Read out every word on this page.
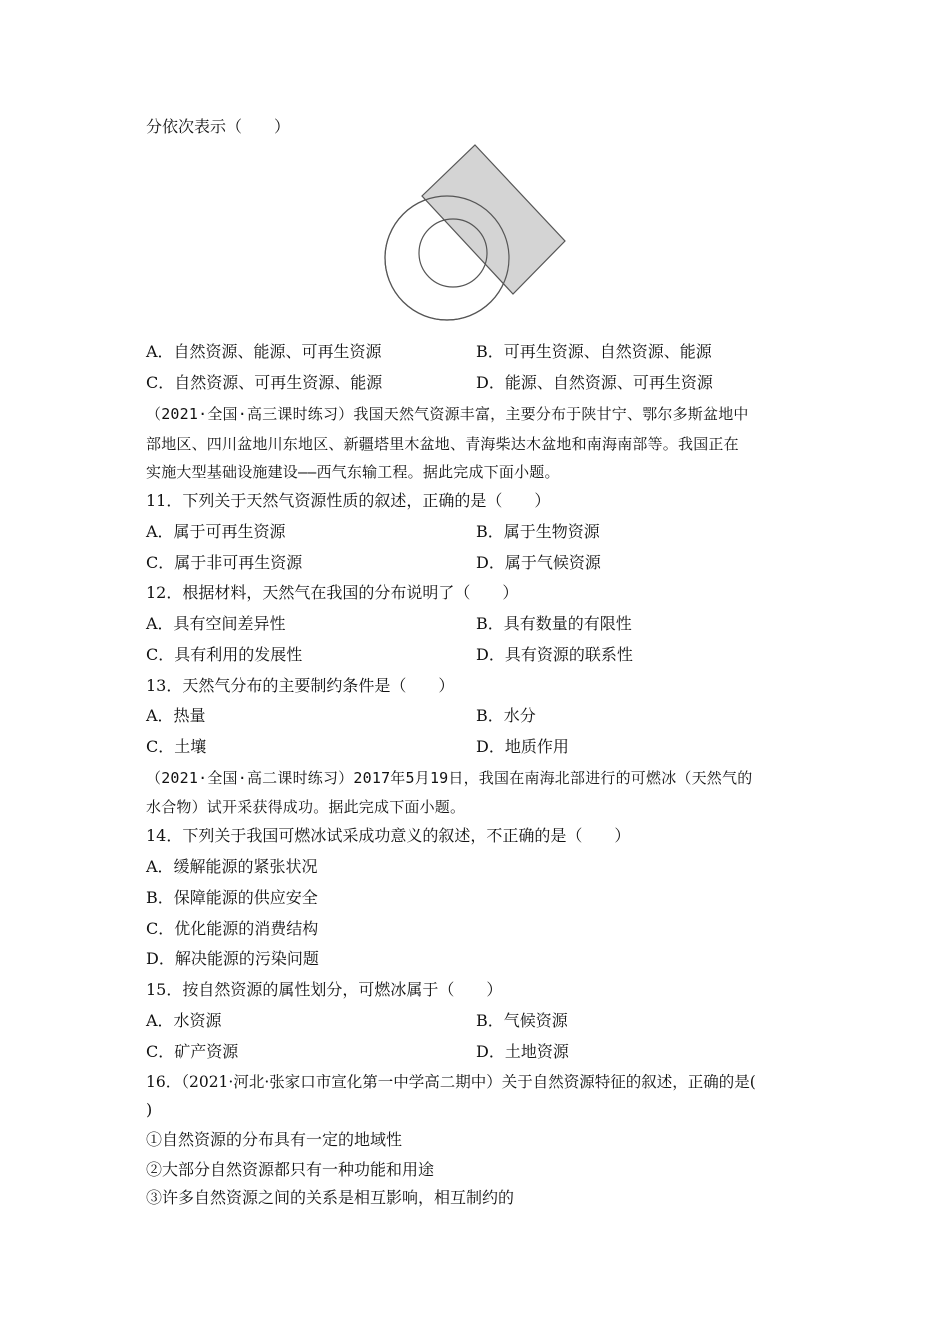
分依次表示（　　）
A．自然资源、能源、可再生资源	B．可再生资源、自然资源、能源
C．自然资源、可再生资源、能源	D．能源、自然资源、可再生资源
（2021·全国·高三课时练习）我国天然气资源丰富，主要分布于陕甘宁、鄂尔多斯盆地中
部地区、四川盆地川东地区、新疆塔里木盆地、青海柴达木盆地和南海南部等。我国正在
实施大型基础设施建设——西气东输工程。据此完成下面小题。
11．下列关于天然气资源性质的叙述，正确的是（　　）
A．属于可再生资源	B．属于生物资源
C．属于非可再生资源	D．属于气候资源
12．根据材料，天然气在我国的分布说明了（　　）
A．具有空间差异性	B．具有数量的有限性
C．具有利用的发展性	D．具有资源的联系性
13．天然气分布的主要制约条件是（　　）
A．热量	B．水分
C．土壤	D．地质作用
（2021·全国·高二课时练习）2017年5月19日，我国在南海北部进行的可燃冰（天然气的
水合物）试开采获得成功。据此完成下面小题。
14．下列关于我国可燃冰试采成功意义的叙述，不正确的是（　　）
A．缓解能源的紧张状况
B．保障能源的供应安全
C．优化能源的消费结构
D．解决能源的污染问题
15．按自然资源的属性划分，可燃冰属于（　　）
A．水资源	B．气候资源
C．矿产资源	D．土地资源
16．（2021·河北·张家口市宣化第一中学高二期中）关于自然资源特征的叙述，正确的是(
)
①自然资源的分布具有一定的地域性
②大部分自然资源都只有一种功能和用途
③许多自然资源之间的关系是相互影响，相互制约的
